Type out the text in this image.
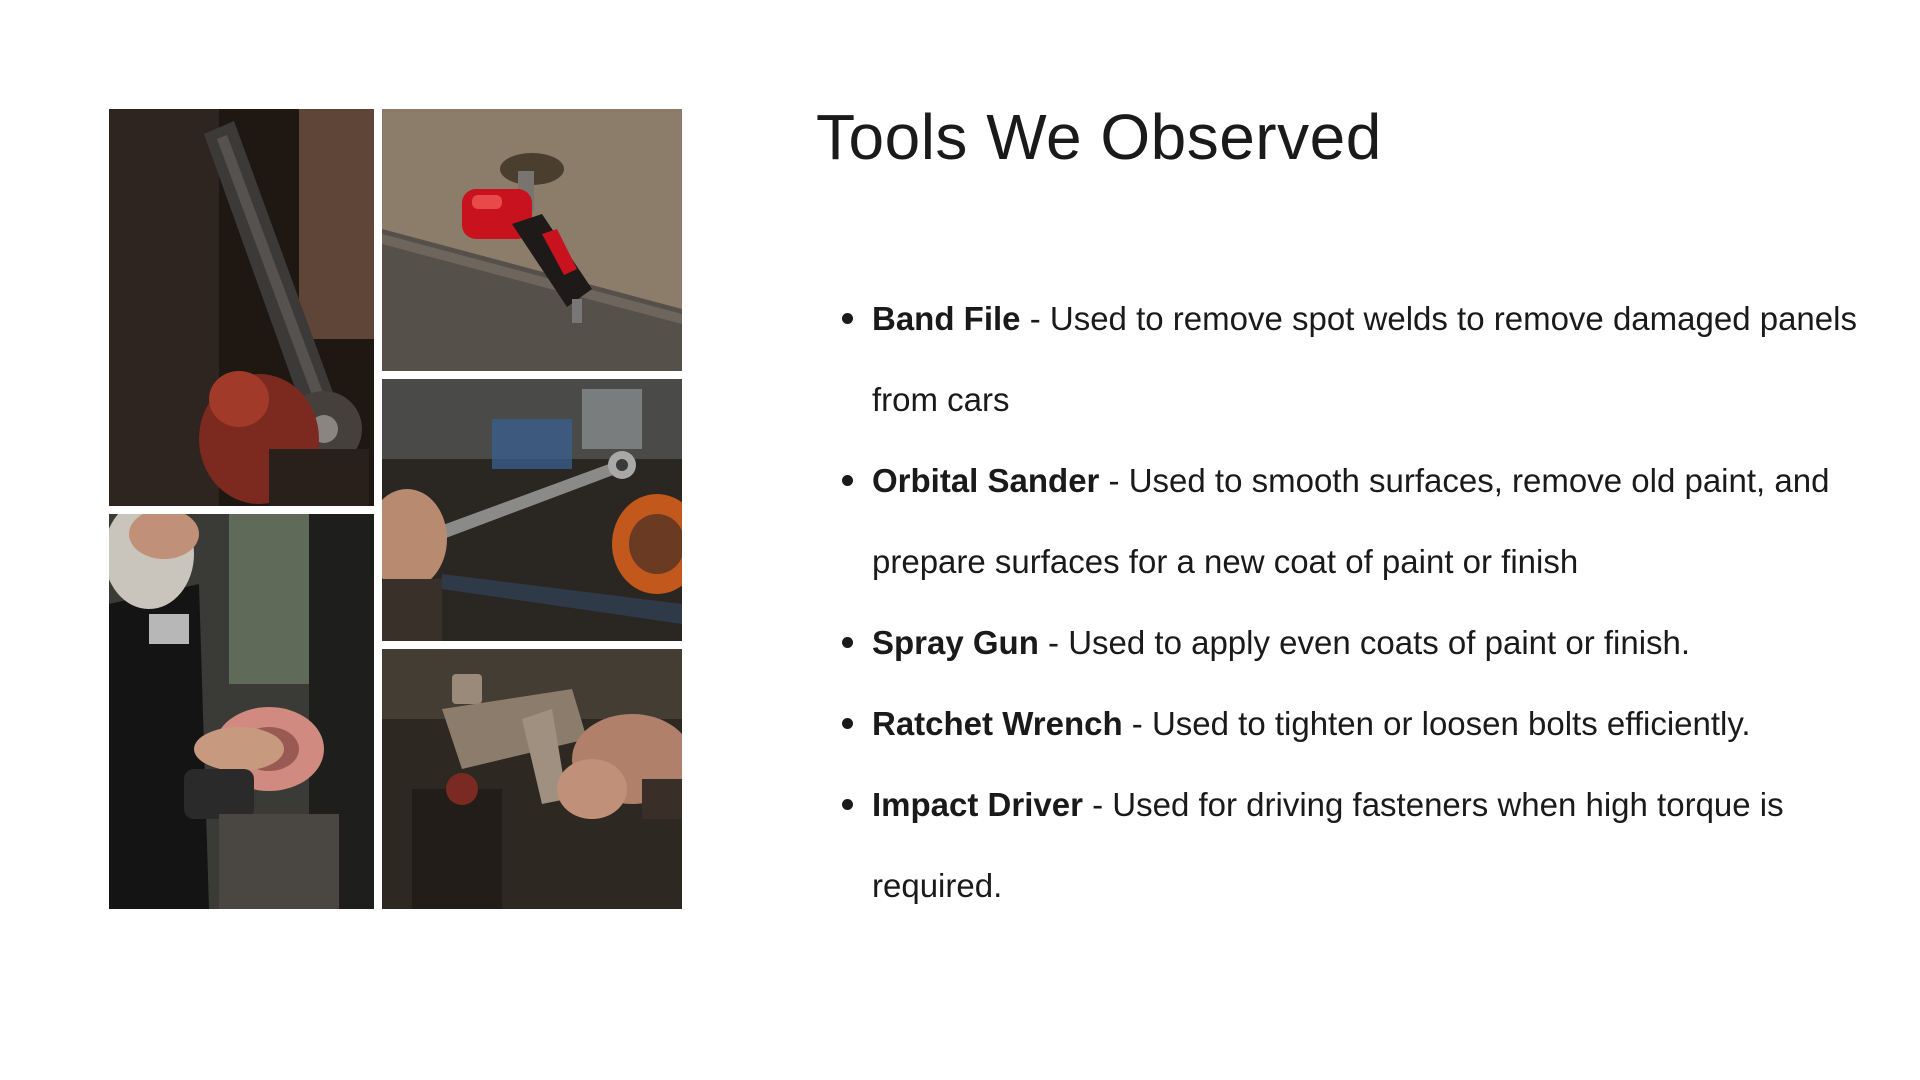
Tools We Observed
Band File - Used to remove spot welds to remove damaged panels from cars
Orbital Sander - Used to smooth surfaces, remove old paint, and prepare surfaces for a new coat of paint or finish
Spray Gun - Used to apply even coats of paint or finish.
Ratchet Wrench - Used to tighten or loosen bolts efficiently.
Impact Driver - Used for driving fasteners when high torque is required.
